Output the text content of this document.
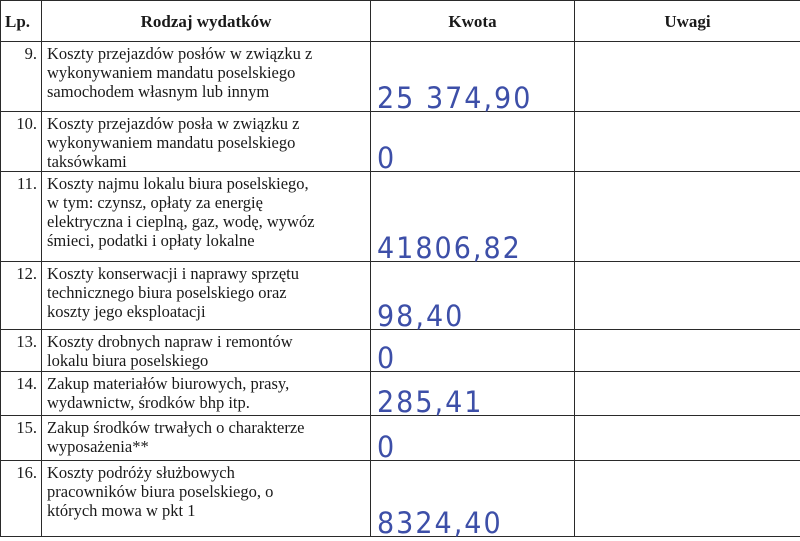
Lp.	Rodzaj wydatków	Kwota	Uwagi
9.	Koszty przejazdów posłów w związku z
wykonywaniem mandatu poselskiego
samochodem własnym lub innym	25 374,90	

10.	Koszty przejazdów posła w związku z
wykonywaniem mandatu poselskiego
taksówkami	0	

11.	Koszty najmu lokalu biura poselskiego,
w tym: czynsz, opłaty za energię
elektryczna i cieplną, gaz, wodę, wywóz
śmieci, podatki i opłaty lokalne	41806,82	

12.	Koszty konserwacji i naprawy sprzętu
technicznego biura poselskiego oraz
koszty jego eksploatacji	98,40	

13.	Koszty drobnych napraw i remontów
lokalu biura poselskiego	0	

14.	Zakup materiałów biurowych, prasy,
wydawnictw, środków bhp itp.	285,41	

15.	Zakup środków trwałych o charakterze
wyposażenia**	0	

16.	Koszty podróży służbowych
pracowników biura poselskiego, o
których mowa w pkt 1	8324,40	
